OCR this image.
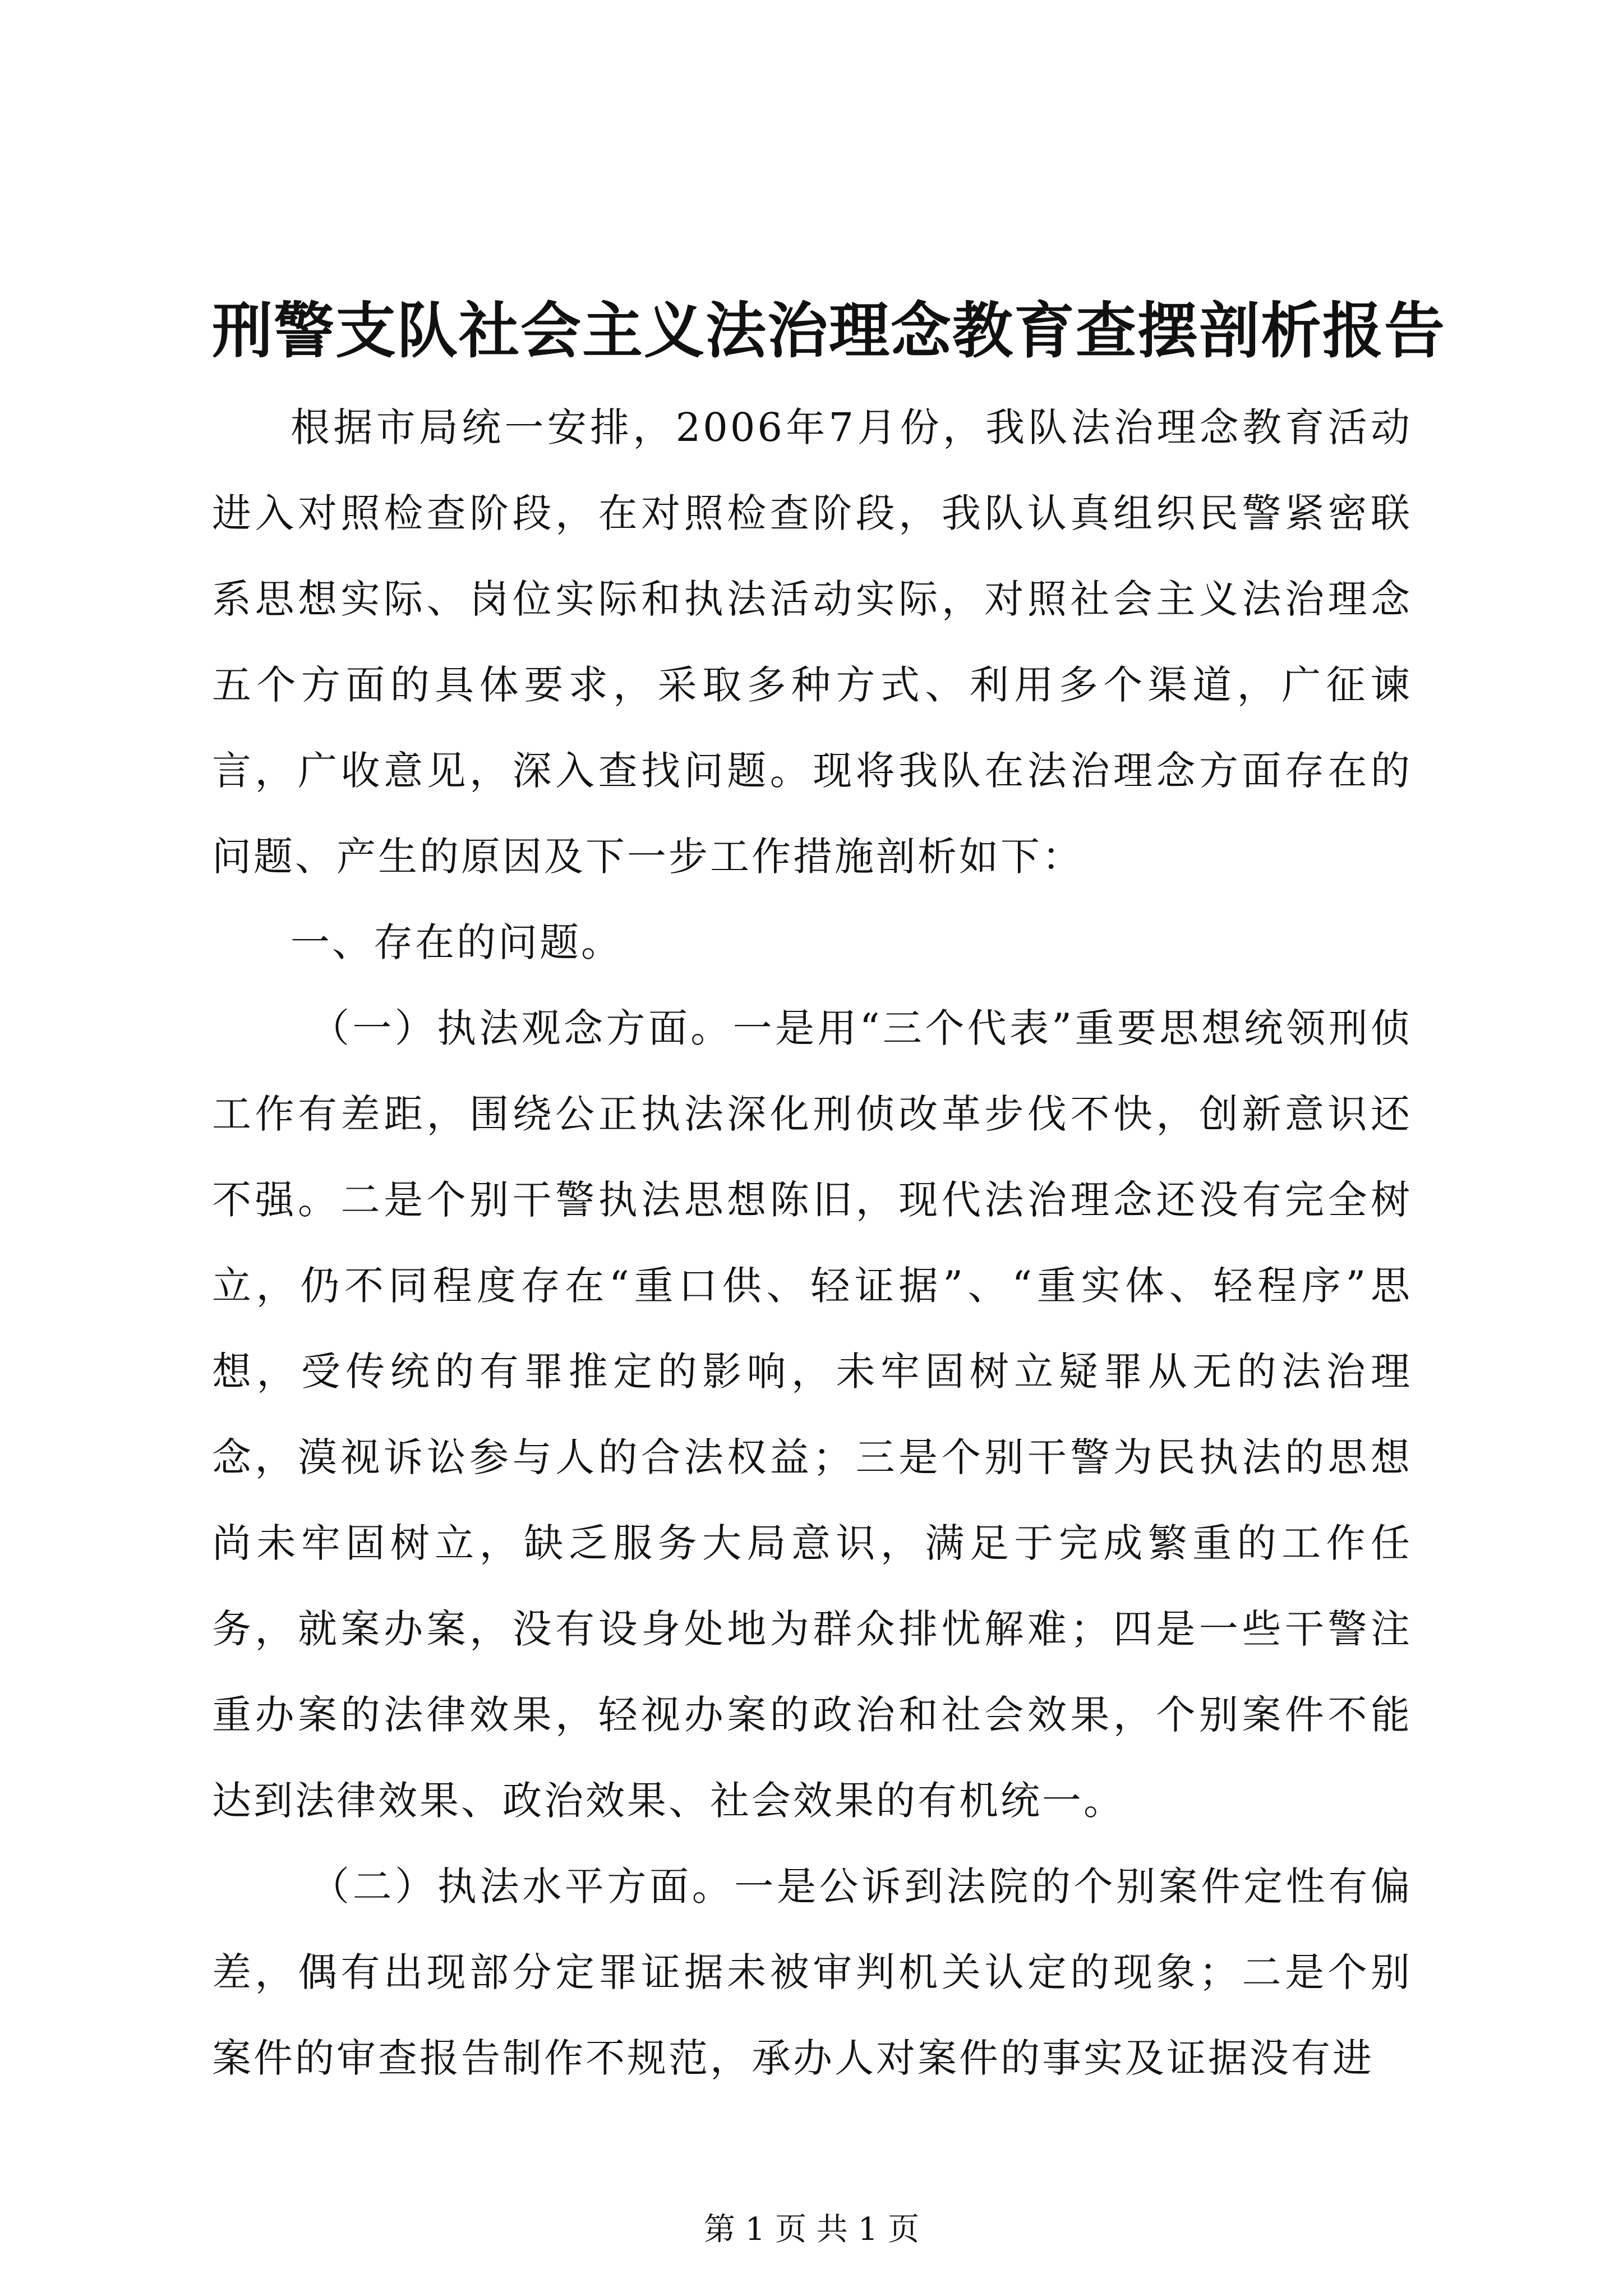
刑警支队社会主义法治理念教育查摆剖析报告

根据市局统一安排，2006年7月份，我队法治理念教育活动进入对照检查阶段，在对照检查阶段，我队认真组织民警紧密联系思想实际、岗位实际和执法活动实际，对照社会主义法治理念五个方面的具体要求，采取多种方式、利用多个渠道，广征谏言，广收意见，深入查找问题。现将我队在法治理念方面存在的问题、产生的原因及下一步工作措施剖析如下：

一、存在的问题。

（一）执法观念方面。一是用“三个代表”重要思想统领刑侦工作有差距，围绕公正执法深化刑侦改革步伐不快，创新意识还不强。二是个别干警执法思想陈旧，现代法治理念还没有完全树立，仍不同程度存在“重口供、轻证据”、“重实体、轻程序”思想，受传统的有罪推定的影响，未牢固树立疑罪从无的法治理念，漠视诉讼参与人的合法权益；三是个别干警为民执法的思想尚未牢固树立，缺乏服务大局意识，满足于完成繁重的工作任务，就案办案，没有设身处地为群众排忧解难；四是一些干警注重办案的法律效果，轻视办案的政治和社会效果，个别案件不能达到法律效果、政治效果、社会效果的有机统一。

（二）执法水平方面。一是公诉到法院的个别案件定性有偏差，偶有出现部分定罪证据未被审判机关认定的现象；二是个别案件的审查报告制作不规范，承办人对案件的事实及证据没有进

第 1 页 共 1 页
